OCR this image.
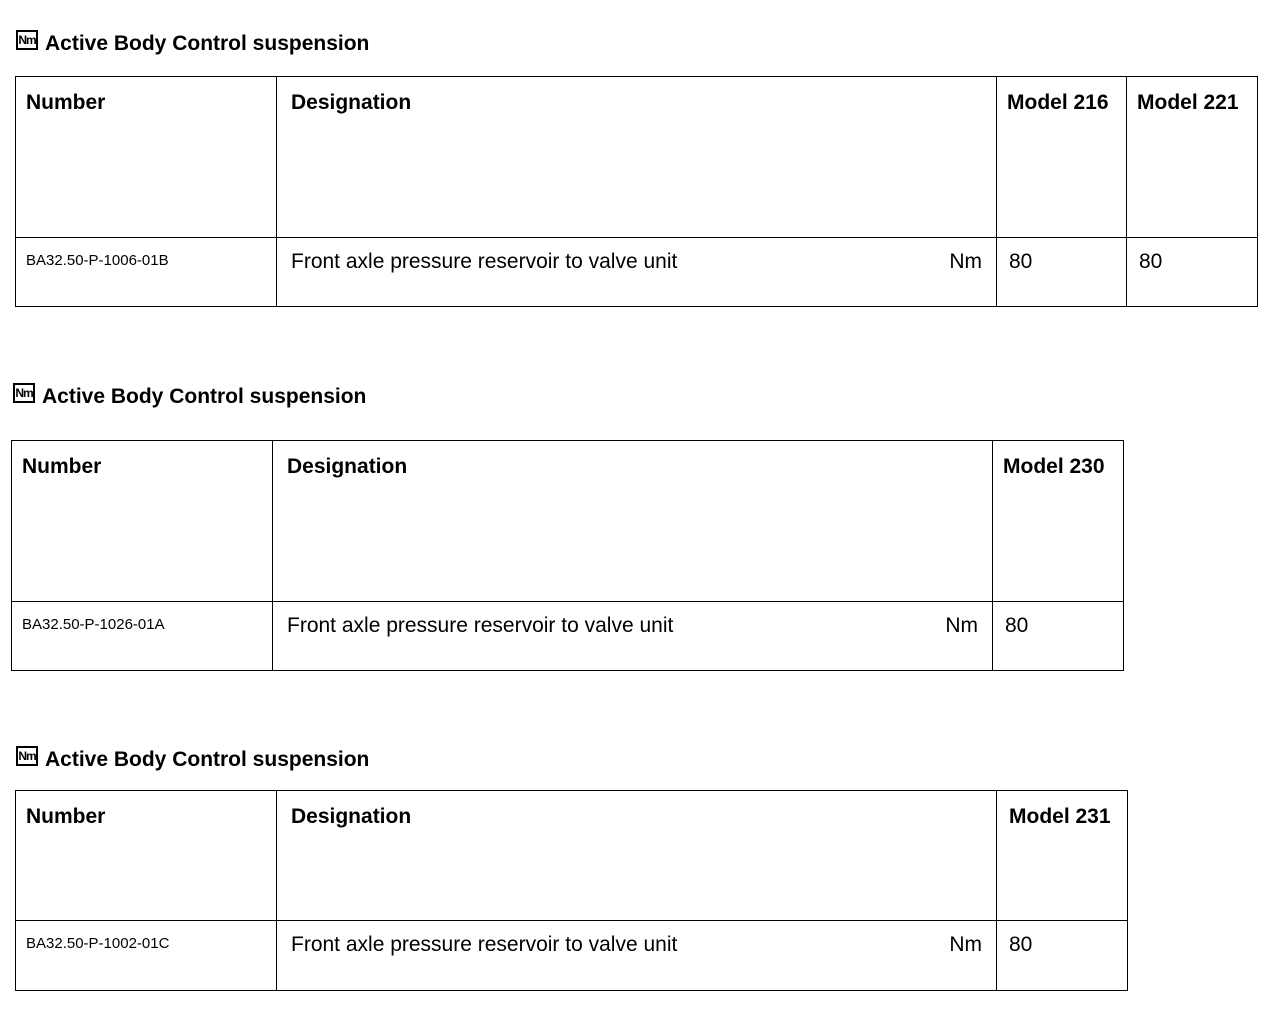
Nm Active Body Control suspension
Number	Designation	Model 216	Model 221
BA32.50-P-1006-01B	Front axle pressure reservoir to valve unit Nm	80	80
Nm Active Body Control suspension
Number	Designation	Model 230
BA32.50-P-1026-01A	Front axle pressure reservoir to valve unit Nm	80
Nm Active Body Control suspension
Number	Designation	Model 231
BA32.50-P-1002-01C	Front axle pressure reservoir to valve unit Nm	80
